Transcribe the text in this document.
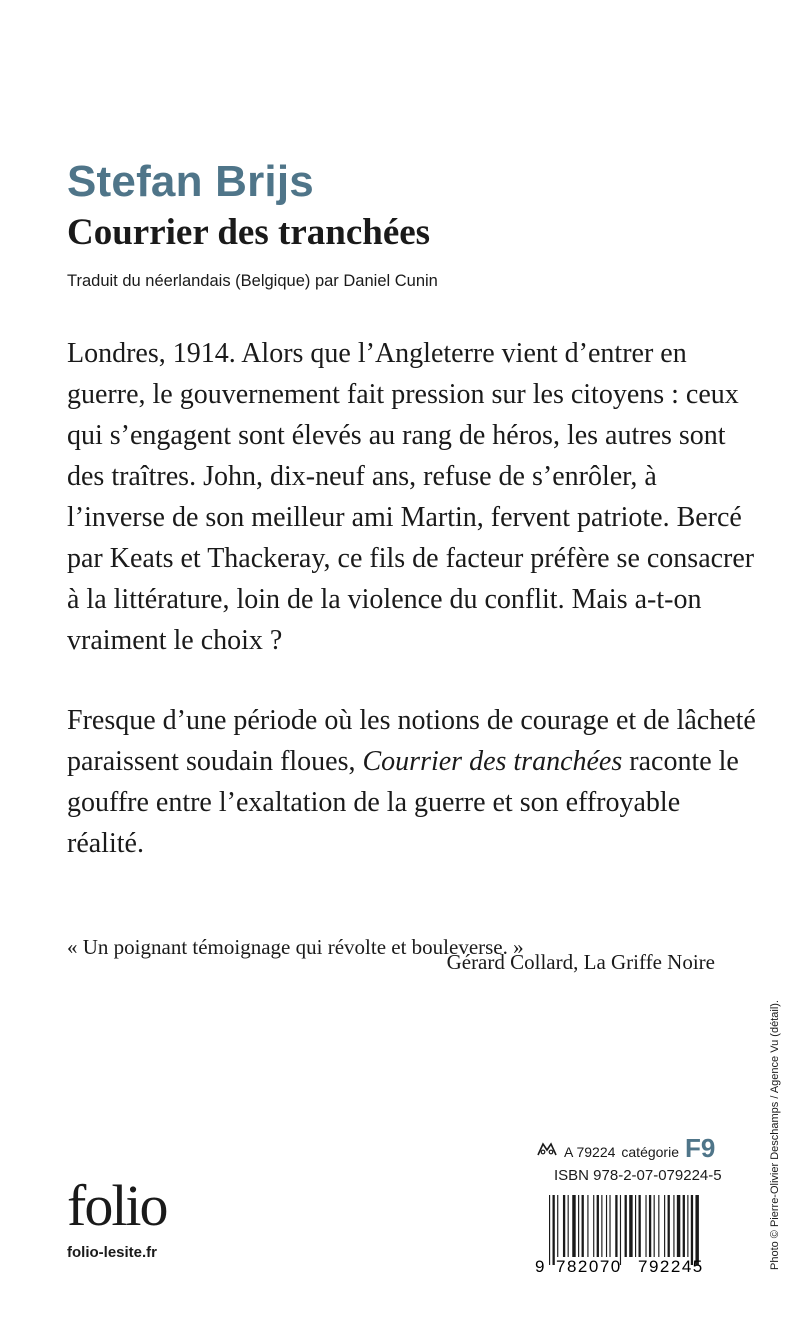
Stefan Brijs
Courrier des tranchées
Traduit du néerlandais (Belgique) par Daniel Cunin

Londres, 1914. Alors que l’Angleterre vient d’entrer en guerre, le gouvernement fait pression sur les citoyens : ceux qui s’engagent sont élevés au rang de héros, les autres sont des traîtres. John, dix-neuf ans, refuse de s’enrôler, à l’inverse de son meilleur ami Martin, fervent patriote. Bercé par Keats et Thackeray, ce fils de facteur préfère se consacrer à la littérature, loin de la violence du conflit. Mais a-t-on vraiment le choix ?

Fresque d’une période où les notions de courage et de lâcheté paraissent soudain floues, Courrier des tranchées raconte le gouffre entre l’exaltation de la guerre et son effroyable réalité.

« Un poignant témoignage qui révolte et bouleverse. »

Gérard Collard, La Griffe Noire

Photo © Pierre-Olivier Deschamps / Agence Vu (détail).
A 79224 catégorie F9
ISBN 978-2-07-079224-5
folio
folio-lesite.fr
9 782070 792245
